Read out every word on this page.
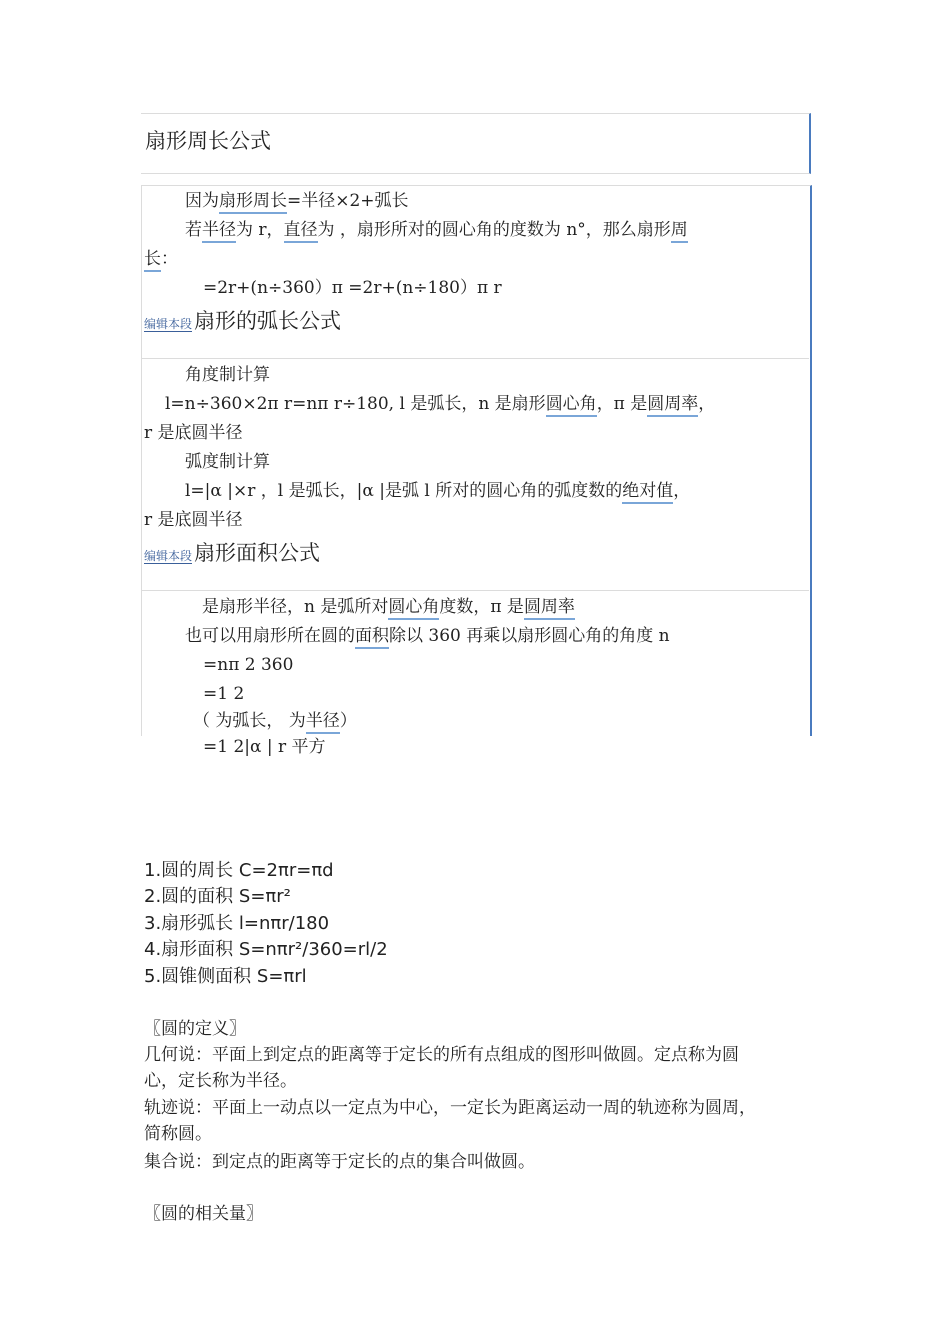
扇形周长公式
因为扇形周长=半径×2+弧长
若半径为 r，直径为 ，扇形所对的圆心角的度数为 n°，那么扇形周
长：
=2r+(n÷360）π =2r+(n÷180）π r
编辑本段扇形的弧长公式
角度制计算
l=n÷360×2π r=nπ r÷180, l 是弧长，n 是扇形圆心角，π 是圆周率，
r 是底圆半径
弧度制计算
l=|α |×r ，l 是弧长，|α |是弧 l 所对的圆心角的弧度数的绝对值，
r 是底圆半径
编辑本段扇形面积公式
是扇形半径，n 是弧所对圆心角度数，π 是圆周率
也可以用扇形所在圆的面积除以 360 再乘以扇形圆心角的角度 n
=nπ 2 360
=1 2
（ 为弧长， 为半径）
=1 2|α | r 平方
1.圆的周长 C=2πr=πd
2.圆的面积 S=πr²
3.扇形弧长 l=nπr/180
4.扇形面积 S=nπr²/360=rl/2
5.圆锥侧面积 S=πrl
〖圆的定义〗
几何说：平面上到定点的距离等于定长的所有点组成的图形叫做圆。定点称为圆
心，定长称为半径。
轨迹说：平面上一动点以一定点为中心，一定长为距离运动一周的轨迹称为圆周，
简称圆。
集合说：到定点的距离等于定长的点的集合叫做圆。
〖圆的相关量〗
